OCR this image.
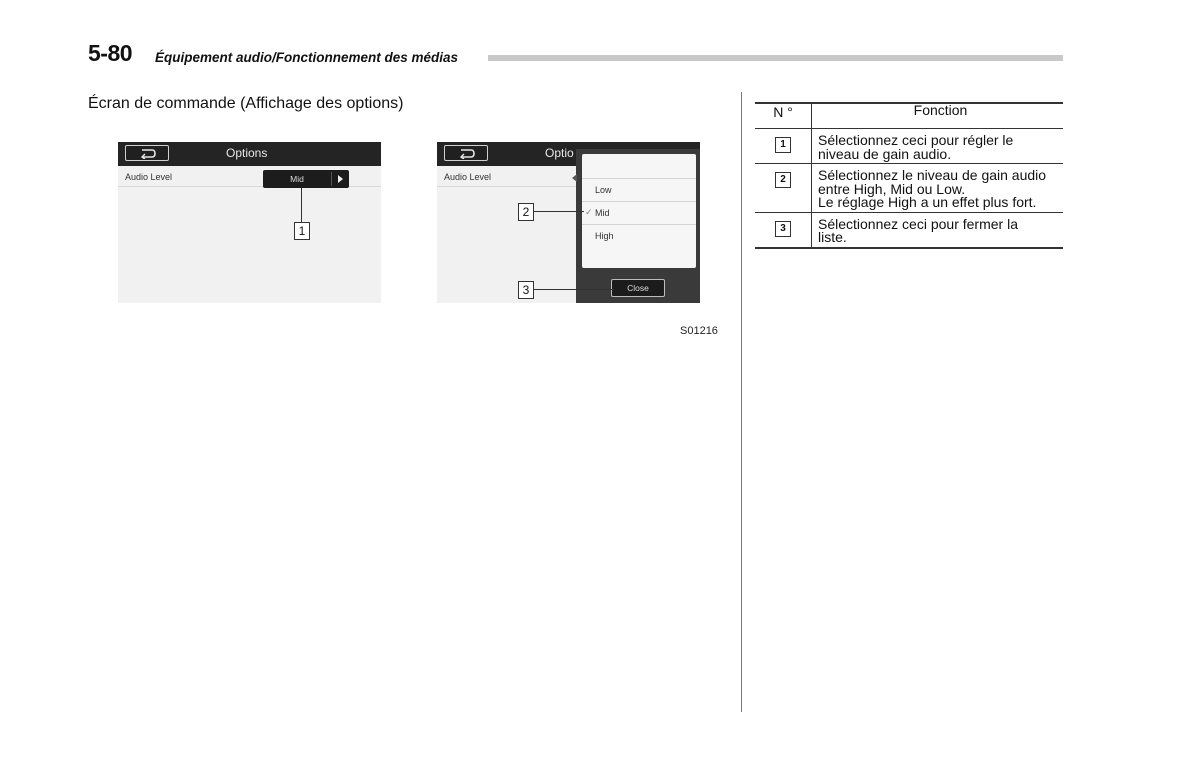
5-80 Équipement audio/Fonctionnement des médias
Écran de commande (Affichage des options)
Options
Audio Level	Mid
1
Optio
Audio Level
Low
✓ Mid
High
Close
2
3
S01216
N °	Fonction
1	Sélectionnez ceci pour régler le
niveau de gain audio.

2	Sélectionnez le niveau de gain audio
entre High, Mid ou Low.
Le réglage High a un effet plus fort.

3	Sélectionnez ceci pour fermer la
liste.
